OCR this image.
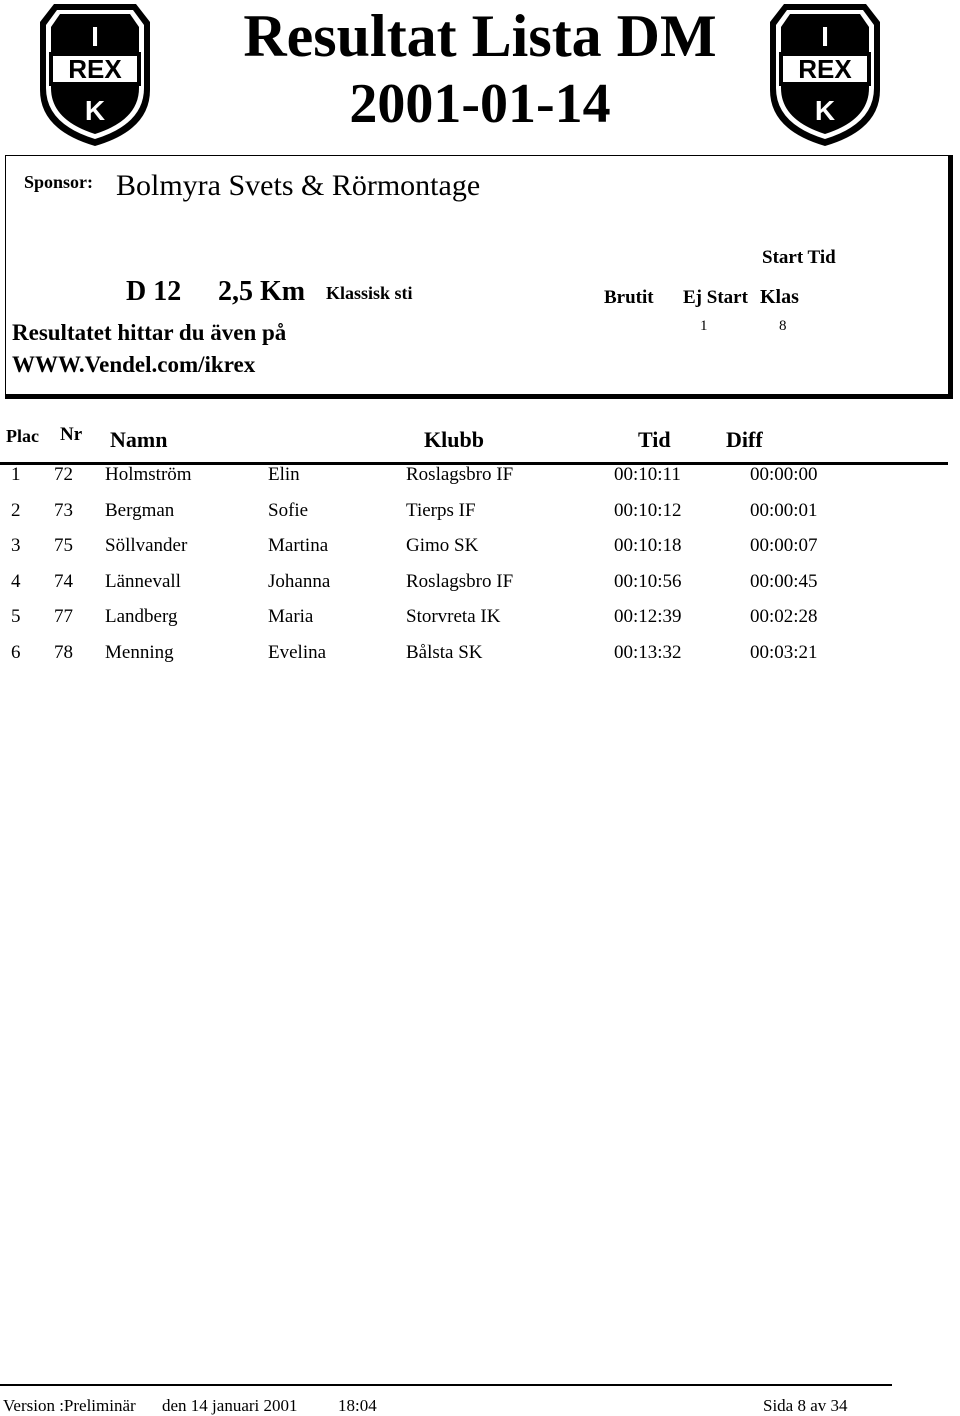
I
REX
K
I
REX
K
Resultat Lista DM
2001-01-14
Sponsor: Bolmyra Svets & Rörmontage
D 12 2,5 Km Klassisk sti
Resultatet hittar du även på
WWW.Vendel.com/ikrex
Start Tid
Brutit Ej Start Klas
1	8
Plac Nr Namn	Klubb	Tid	Diff
1 72 Holmström	Elin	Roslagsbro IF	00:10:11	00:00:00
2 73 Bergman	Sofie	Tierps IF	00:10:12	00:00:01
3 75 Söllvander	Martina	Gimo SK	00:10:18	00:00:07
4 74 Lännevall	Johanna	Roslagsbro IF	00:10:56	00:00:45
5 77 Landberg	Maria	Storvreta IK	00:12:39	00:02:28
6 78 Menning	Evelina	Bålsta SK	00:13:32	00:03:21
Version :Preliminär den 14 januari 2001 18:04	Sida 8 av 34
